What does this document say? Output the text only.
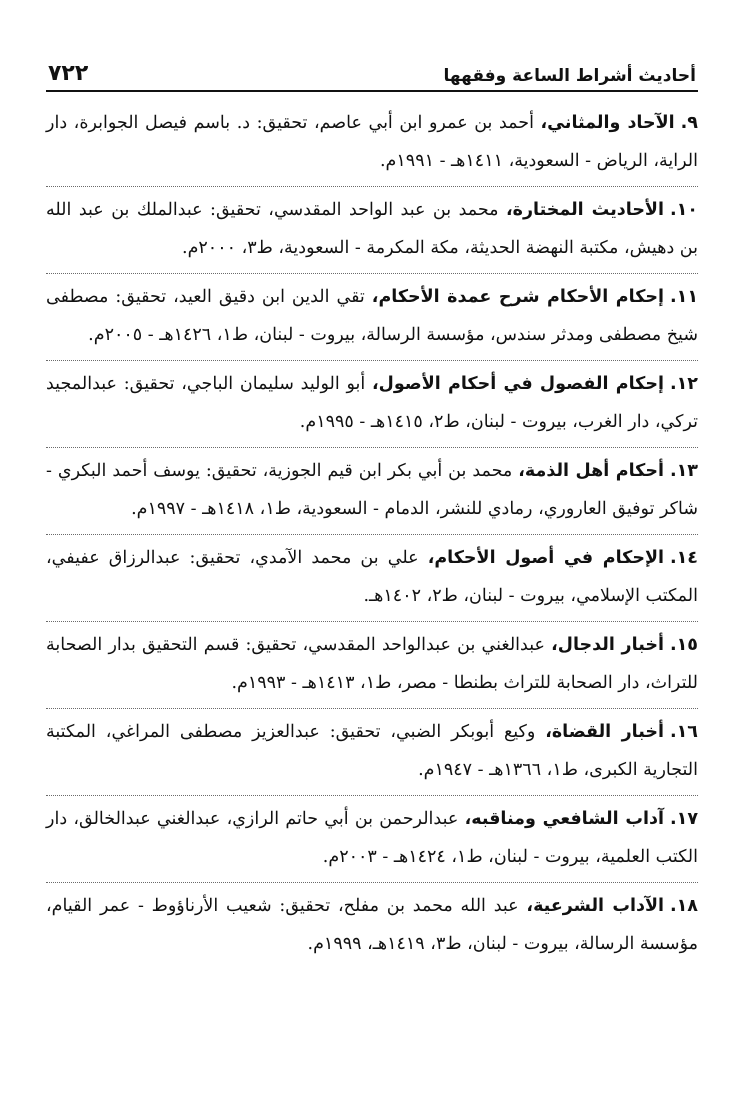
أحاديث أشراط الساعة وفقهها
٧٢٢
٩.الآحاد والمثاني، أحمد بن عمرو ابن أبي عاصم، تحقيق: د. باسم فيصل الجوابرة، دار الراية، الرياض - السعودية، ١٤١١هـ - ١٩٩١م.
١٠.الأحاديث المختارة، محمد بن عبد الواحد المقدسي، تحقيق: عبدالملك بن عبد الله بن دهيش، مكتبة النهضة الحديثة، مكة المكرمة - السعودية، ط٣، ٢٠٠٠م.
١١.إحكام الأحكام شرح عمدة الأحكام، تقي الدين ابن دقيق العيد، تحقيق: مصطفى شيخ مصطفى ومدثر سندس، مؤسسة الرسالة، بيروت - لبنان، ط١، ١٤٢٦هـ - ٢٠٠٥م.
١٢.إحكام الفصول في أحكام الأصول، أبو الوليد سليمان الباجي، تحقيق: عبدالمجيد تركي، دار الغرب، بيروت - لبنان، ط٢، ١٤١٥هـ - ١٩٩٥م.
١٣.أحكام أهل الذمة، محمد بن أبي بكر ابن قيم الجوزية، تحقيق: يوسف أحمد البكري - شاكر توفيق العاروري، رمادي للنشر، الدمام - السعودية، ط١، ١٤١٨هـ - ١٩٩٧م.
١٤.الإحكام في أصول الأحكام، علي بن محمد الآمدي، تحقيق: عبدالرزاق عفيفي، المكتب الإسلامي، بيروت - لبنان، ط٢، ١٤٠٢هـ.
١٥.أخبار الدجال، عبدالغني بن عبدالواحد المقدسي، تحقيق: قسم التحقيق بدار الصحابة للتراث، دار الصحابة للتراث بطنطا - مصر، ط١، ١٤١٣هـ - ١٩٩٣م.
١٦.أخبار القضاة، وكيع أبوبكر الضبي، تحقيق: عبدالعزيز مصطفى المراغي، المكتبة التجارية الكبرى، ط١، ١٣٦٦هـ - ١٩٤٧م.
١٧.آداب الشافعي ومناقبه، عبدالرحمن بن أبي حاتم الرازي، عبدالغني عبدالخالق، دار الكتب العلمية، بيروت - لبنان، ط١، ١٤٢٤هـ - ٢٠٠٣م.
١٨.الآداب الشرعية، عبد الله محمد بن مفلح، تحقيق: شعيب الأرناؤوط - عمر القيام، مؤسسة الرسالة، بيروت - لبنان، ط٣، ١٤١٩هـ، ١٩٩٩م.
